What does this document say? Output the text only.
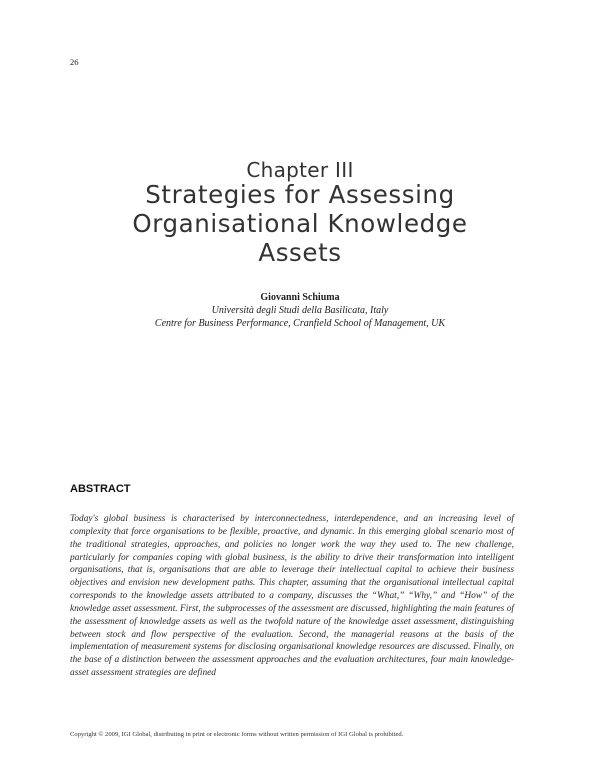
26
Chapter III
Strategies for Assessing
Organisational Knowledge
Assets
Giovanni Schiuma
Università degli Studi della Basilicata, Italy
Centre for Business Performance, Cranfield School of Management, UK
ABSTRACT
Today's global business is characterised by interconnectedness, interdependence, and an increasing level of complexity that force organisations to be flexible, proactive, and dynamic. In this emerging global scenario most of the traditional strategies, approaches, and policies no longer work the way they used to. The new challenge, particularly for companies coping with global business, is the ability to drive their transformation into intelligent organisations, that is, organisations that are able to leverage their intellectual capital to achieve their business objectives and envision new development paths. This chapter, assuming that the organisational intellectual capital corresponds to the knowledge assets attributed to a company, discusses the “What,” “Why,” and “How” of the knowledge asset assessment. First, the subprocesses of the assessment are discussed, highlighting the main features of the assessment of knowledge assets as well as the twofold nature of the knowledge asset assessment, distinguishing between stock and flow perspective of the evaluation. Second, the managerial reasons at the basis of the implementation of measurement systems for disclosing organisational knowledge resources are discussed. Finally, on the base of a distinction between the assessment approaches and the evaluation architectures, four main knowledge-asset assessment strategies are defined
Copyright © 2009, IGI Global, distributing in print or electronic forms without written permission of IGI Global is prohibited.
